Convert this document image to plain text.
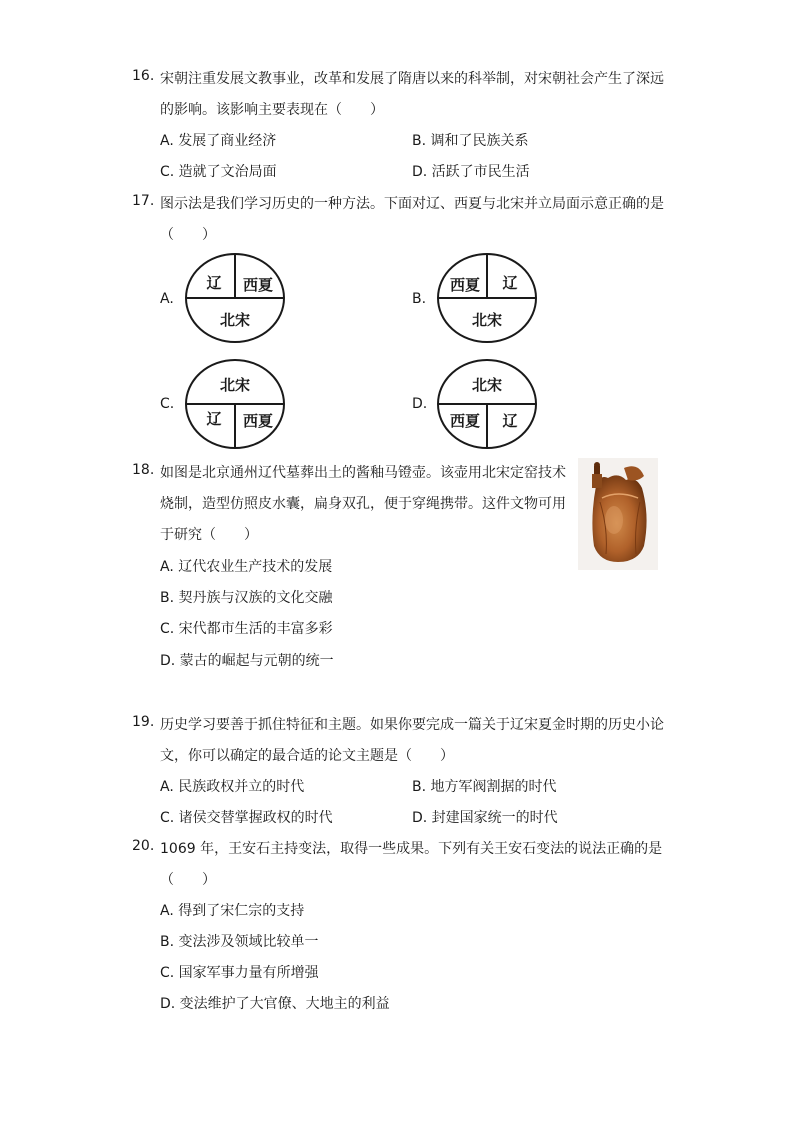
16. 宋朝注重发展文教事业，改革和发展了隋唐以来的科举制，对宋朝社会产生了深远
的影响。该影响主要表现在（　　）
A. 发展了商业经济	B. 调和了民族关系
C. 造就了文治局面	D. 活跃了市民生活
17. 图示法是我们学习历史的一种方法。下面对辽、西夏与北宋并立局面示意正确的是
（　　）
A.
辽 西夏
北宋
B.
西夏 辽
北宋
C.
北宋
辽 西夏
D.
北宋
西夏 辽
18. 如图是北京通州辽代墓葬出土的酱釉马镫壶。该壶用北宋定窑技术
烧制，造型仿照皮水囊，扁身双孔，便于穿绳携带。这件文物可用
于研究（　　）
A. 辽代农业生产技术的发展
B. 契丹族与汉族的文化交融
C. 宋代都市生活的丰富多彩
D. 蒙古的崛起与元朝的统一
19. 历史学习要善于抓住特征和主题。如果你要完成一篇关于辽宋夏金时期的历史小论
文，你可以确定的最合适的论文主题是（　　）
A. 民族政权并立的时代	B. 地方军阀割据的时代
C. 诸侯交替掌握政权的时代	D. 封建国家统一的时代
20. 1069 年，王安石主持变法，取得一些成果。下列有关王安石变法的说法正确的是
（　　）
A. 得到了宋仁宗的支持
B. 变法涉及领域比较单一
C. 国家军事力量有所增强
D. 变法维护了大官僚、大地主的利益
